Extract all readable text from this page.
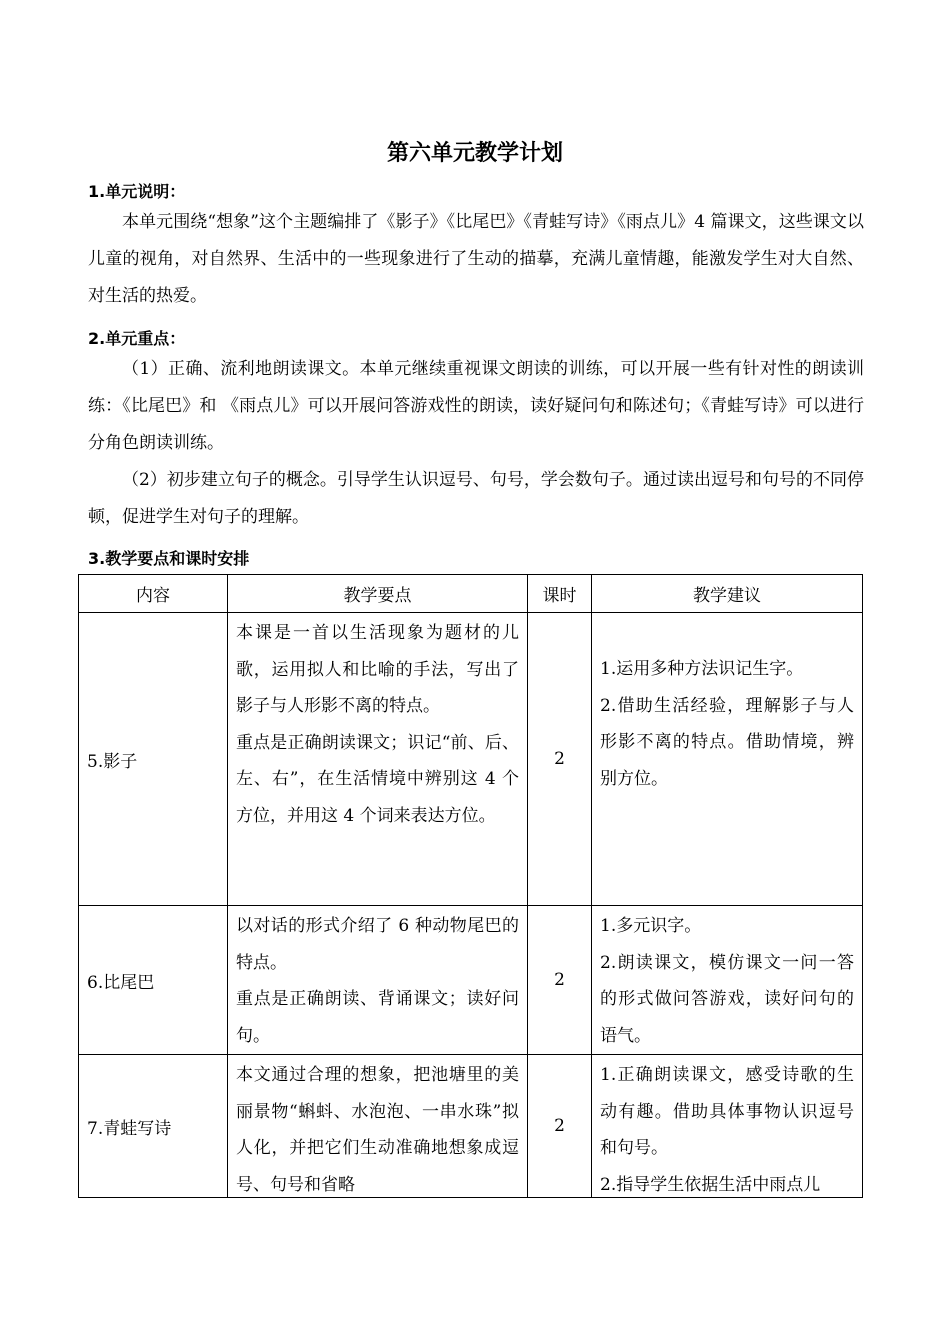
第六单元教学计划
1.单元说明：
本单元围绕“想象”这个主题编排了《影子》《比尾巴》《青蛙写诗》《雨点儿》4 篇课文，这些课文以儿童的视角，对自然界、生活中的一些现象进行了生动的描摹，充满儿童情趣，能激发学生对大自然、对生活的热爱。
2.单元重点：
（1）正确、流利地朗读课文。本单元继续重视课文朗读的训练，可以开展一些有针对性的朗读训练：《比尾巴》和 《雨点儿》可以开展问答游戏性的朗读，读好疑问句和陈述句；《青蛙写诗》可以进行分角色朗读训练。
（2）初步建立句子的概念。引导学生认识逗号、句号，学会数句子。通过读出逗号和句号的不同停顿，促进学生对句子的理解。
3.教学要点和课时安排
内容	教学要点	课时	教学建议
5.影子	本课是一首以生活现象为题材的儿歌，运用拟人和比喻的手法，写出了影子与人形影不离的特点。
重点是正确朗读课文；识记“前、后、左、右”，在生活情境中辨别这 4 个方位，并用这 4 个词来表达方位。	2	1.运用多种方法识记生字。
2.借助生活经验，理解影子与人形影不离的特点。借助情境，辨别方位。

6.比尾巴	以对话的形式介绍了 6 种动物尾巴的特点。
重点是正确朗读、背诵课文；读好问句。	2	1.多元识字。
2.朗读课文，模仿课文一问一答的形式做问答游戏，读好问句的语气。

7.青蛙写诗	本文通过合理的想象，把池塘里的美丽景物“蝌蚪、水泡泡、一串水珠”拟人化，并把它们生动准确地想象成逗号、句号和省略	2	1.正确朗读课文，感受诗歌的生动有趣。借助具体事物认识逗号和句号。
2.指导学生依据生活中雨点儿
